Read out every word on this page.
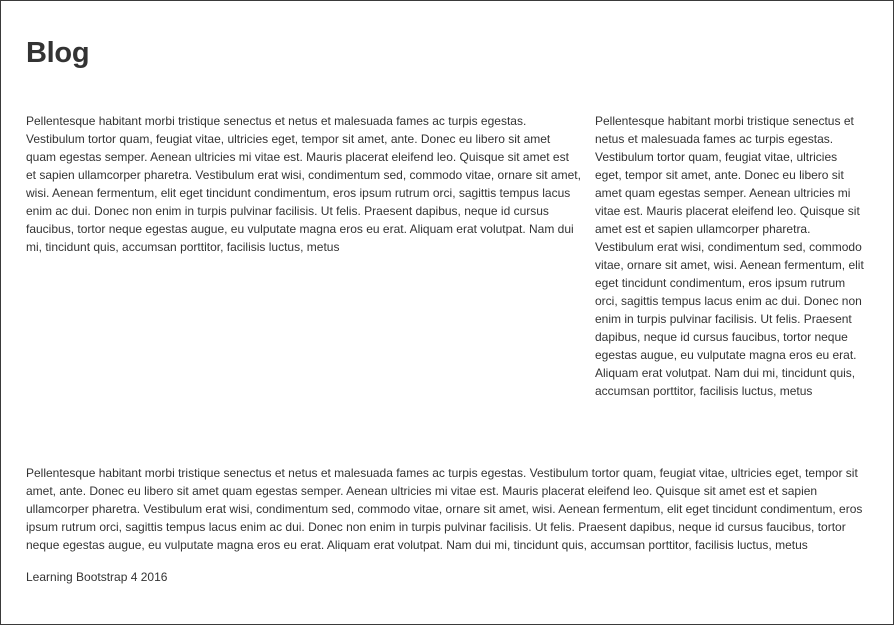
Blog

Pellentesque habitant morbi tristique senectus et netus et malesuada fames ac turpis egestas. Vestibulum tortor quam, feugiat vitae, ultricies eget, tempor sit amet, ante. Donec eu libero sit amet quam egestas semper. Aenean ultricies mi vitae est. Mauris placerat eleifend leo. Quisque sit amet est et sapien ullamcorper pharetra. Vestibulum erat wisi, condimentum sed, commodo vitae, ornare sit amet, wisi. Aenean fermentum, elit eget tincidunt condimentum, eros ipsum rutrum orci, sagittis tempus lacus enim ac dui. Donec non enim in turpis pulvinar facilisis. Ut felis. Praesent dapibus, neque id cursus faucibus, tortor neque egestas augue, eu vulputate magna eros eu erat. Aliquam erat volutpat. Nam dui mi, tincidunt quis, accumsan porttitor, facilisis luctus, metus

Pellentesque habitant morbi tristique senectus et netus et malesuada fames ac turpis egestas. Vestibulum tortor quam, feugiat vitae, ultricies eget, tempor sit amet, ante. Donec eu libero sit amet quam egestas semper. Aenean ultricies mi vitae est. Mauris placerat eleifend leo. Quisque sit amet est et sapien ullamcorper pharetra. Vestibulum erat wisi, condimentum sed, commodo vitae, ornare sit amet, wisi. Aenean fermentum, elit eget tincidunt condimentum, eros ipsum rutrum orci, sagittis tempus lacus enim ac dui. Donec non enim in turpis pulvinar facilisis. Ut felis. Praesent dapibus, neque id cursus faucibus, tortor neque egestas augue, eu vulputate magna eros eu erat. Aliquam erat volutpat. Nam dui mi, tincidunt quis, accumsan porttitor, facilisis luctus, metus

Pellentesque habitant morbi tristique senectus et netus et malesuada fames ac turpis egestas. Vestibulum tortor quam, feugiat vitae, ultricies eget, tempor sit amet, ante. Donec eu libero sit amet quam egestas semper. Aenean ultricies mi vitae est. Mauris placerat eleifend leo. Quisque sit amet est et sapien ullamcorper pharetra. Vestibulum erat wisi, condimentum sed, commodo vitae, ornare sit amet, wisi. Aenean fermentum, elit eget tincidunt condimentum, eros ipsum rutrum orci, sagittis tempus lacus enim ac dui. Donec non enim in turpis pulvinar facilisis. Ut felis. Praesent dapibus, neque id cursus faucibus, tortor neque egestas augue, eu vulputate magna eros eu erat. Aliquam erat volutpat. Nam dui mi, tincidunt quis, accumsan porttitor, facilisis luctus, metus

Learning Bootstrap 4 2016
